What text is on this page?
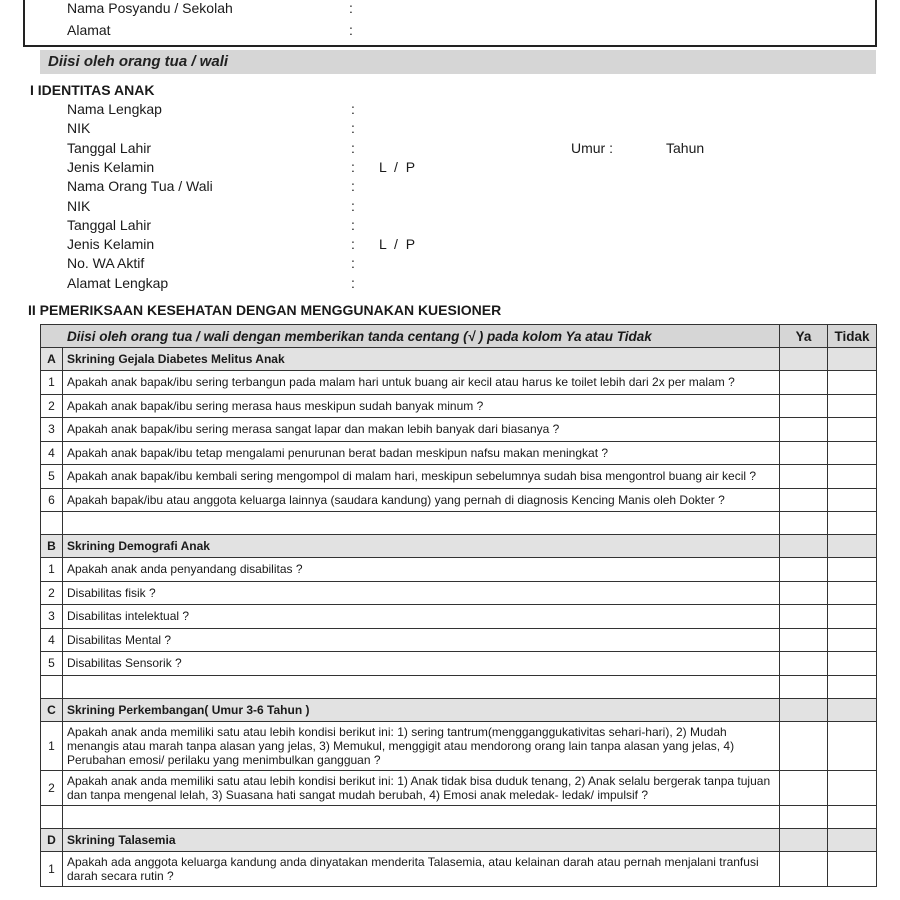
Nama Posyandu / Sekolah	:
Alamat	:
Diisi oleh orang tua / wali
I IDENTITAS ANAK
Nama Lengkap	:
NIK	:
Tanggal Lahir	:	Umur :	Tahun
Jenis Kelamin	: L  /  P
Nama Orang Tua / Wali	:
NIK	:
Tanggal Lahir	:
Jenis Kelamin	: L  /  P
No. WA Aktif	:
Alamat Lengkap	:
II PEMERIKSAAN KESEHATAN DENGAN MENGGUNAKAN KUESIONER
Diisi oleh orang tua / wali dengan memberikan tanda centang (√ ) pada kolom Ya atau Tidak		Ya	Tidak
A	Skrining Gejala Diabetes Melitus Anak		
1	Apakah anak bapak/ibu sering terbangun pada malam hari untuk buang air kecil atau harus ke toilet lebih dari 2x per malam ?		
2	Apakah anak bapak/ibu sering merasa haus meskipun sudah banyak minum ?		
3	Apakah anak bapak/ibu sering merasa sangat lapar dan makan lebih banyak dari biasanya ?		
4	Apakah anak bapak/ibu tetap mengalami penurunan berat badan meskipun nafsu makan meningkat ?		
5	Apakah anak bapak/ibu kembali sering mengompol di malam hari, meskipun sebelumnya sudah bisa mengontrol buang air kecil ?		
6	Apakah bapak/ibu atau anggota keluarga lainnya (saudara kandung) yang pernah di diagnosis Kencing Manis oleh Dokter ?		

B	Skrining Demografi Anak		
1	Apakah anak anda penyandang disabilitas ?		
2	Disabilitas fisik ?		
3	Disabilitas intelektual ?		
4	Disabilitas Mental ?		
5	Disabilitas Sensorik ?		

C	Skrining Perkembangan( Umur 3-6 Tahun )		
1	Apakah anak anda memiliki satu atau lebih kondisi berikut ini: 1) sering tantrum(mengganggukativitas sehari-hari), 2) Mudah menangis atau marah tanpa alasan yang jelas, 3) Memukul, menggigit atau mendorong orang lain tanpa alasan yang jelas, 4) Perubahan emosi/ perilaku yang menimbulkan gangguan ?		
2	Apakah anak anda memiliki satu atau lebih kondisi berikut ini: 1) Anak tidak bisa duduk tenang, 2) Anak selalu bergerak tanpa tujuan dan tanpa mengenal lelah, 3) Suasana hati sangat mudah berubah, 4) Emosi anak meledak- ledak/ impulsif ?		

D	Skrining Talasemia		
1	Apakah ada anggota keluarga kandung anda dinyatakan menderita Talasemia, atau kelainan darah atau pernah menjalani tranfusi darah secara rutin ?		
